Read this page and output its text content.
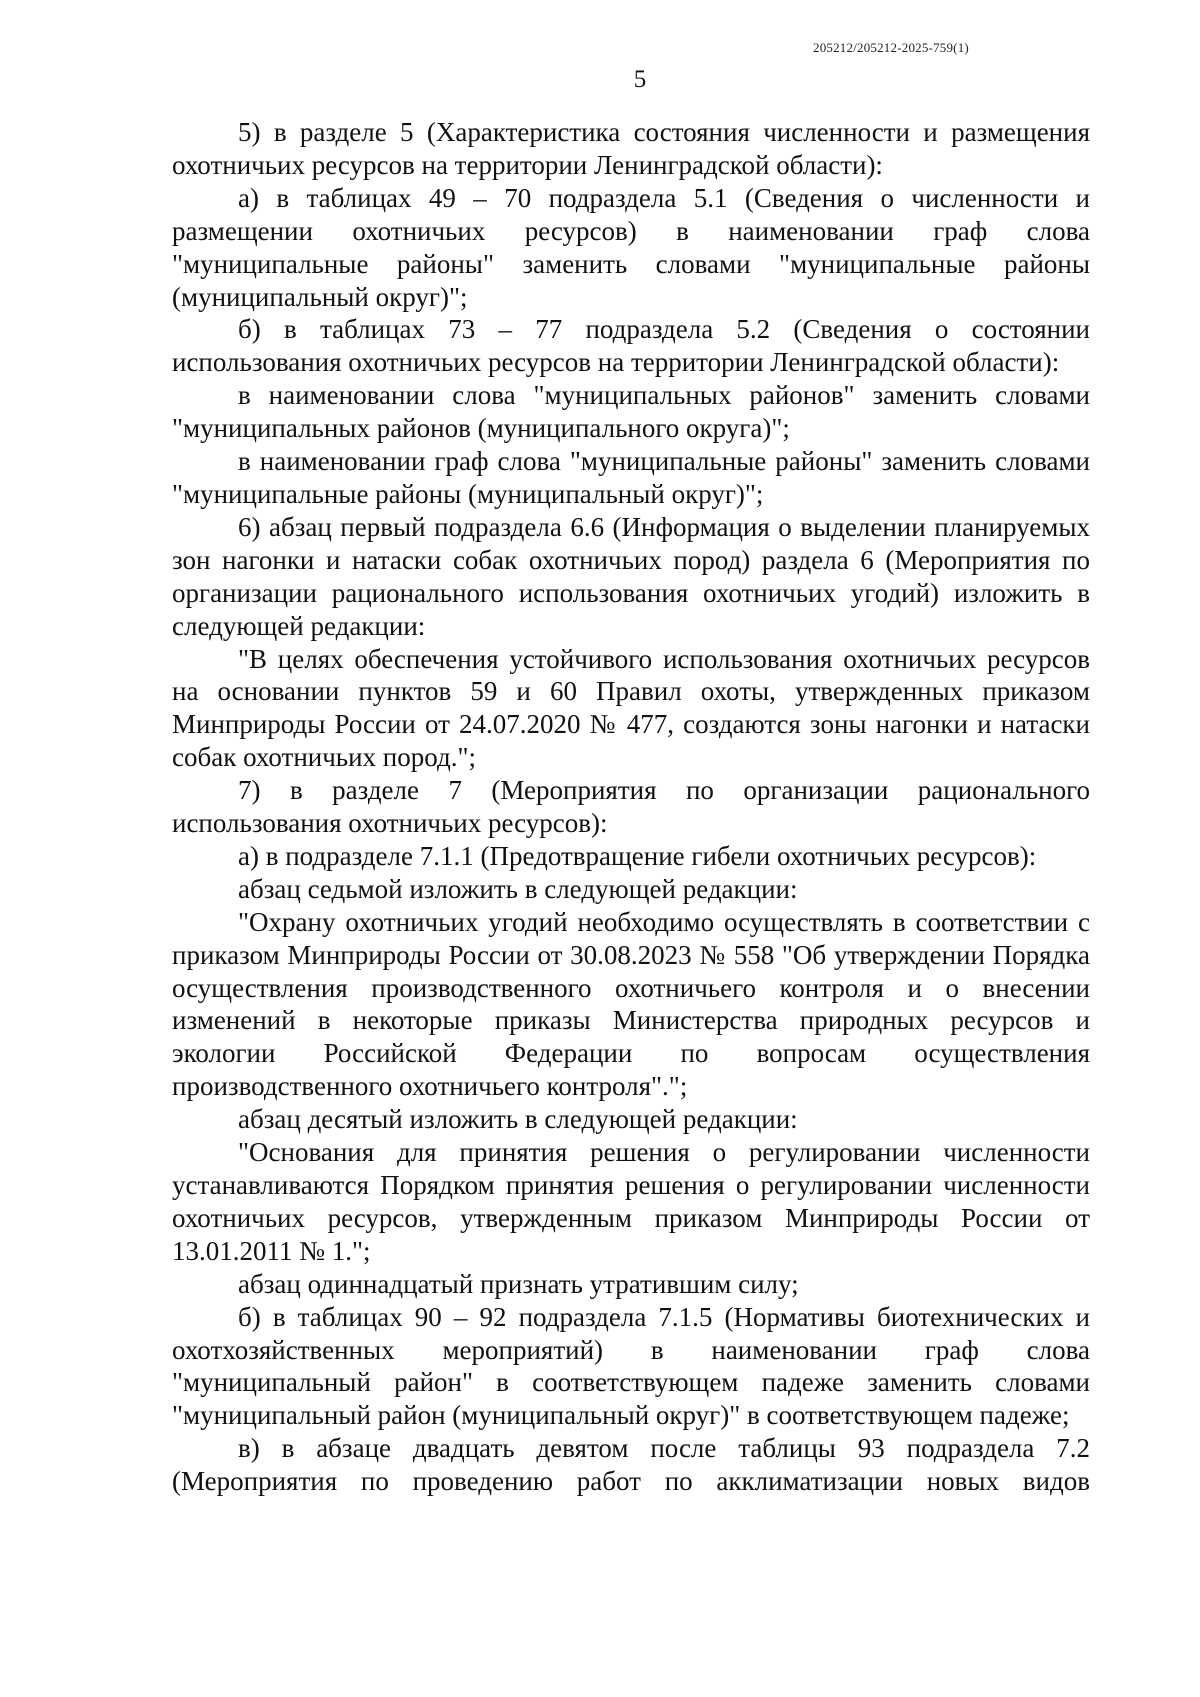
205212/205212-2025-759(1)
5

5) в разделе 5 (Характеристика состояния численности и размещения охотничьих ресурсов на территории Ленинградской области):

а) в таблицах 49 – 70 подраздела 5.1 (Сведения о численности и размещении охотничьих ресурсов) в наименовании граф слова "муниципальные районы" заменить словами "муниципальные районы (муниципальный округ)";

б) в таблицах 73 – 77 подраздела 5.2 (Сведения о состоянии использования охотничьих ресурсов на территории Ленинградской области):

в наименовании слова "муниципальных районов" заменить словами "муниципальных районов (муниципального округа)";

в наименовании граф слова "муниципальные районы" заменить словами "муниципальные районы (муниципальный округ)";

6) абзац первый подраздела 6.6 (Информация о выделении планируемых зон нагонки и натаски собак охотничьих пород) раздела 6 (Мероприятия по организации рационального использования охотничьих угодий) изложить в следующей редакции:

"В целях обеспечения устойчивого использования охотничьих ресурсов на основании пунктов 59 и 60 Правил охоты, утвержденных приказом Минприроды России от 24.07.2020 № 477, создаются зоны нагонки и натаски собак охотничьих пород.";

7) в разделе 7 (Мероприятия по организации рационального использования охотничьих ресурсов):

а) в подразделе 7.1.1 (Предотвращение гибели охотничьих ресурсов):

абзац седьмой изложить в следующей редакции:

"Охрану охотничьих угодий необходимо осуществлять в соответствии с приказом Минприроды России от 30.08.2023 № 558 "Об утверждении Порядка осуществления производственного охотничьего контроля и о внесении изменений в некоторые приказы Министерства природных ресурсов и экологии Российской Федерации по вопросам осуществления производственного охотничьего контроля".";

абзац десятый изложить в следующей редакции:

"Основания для принятия решения о регулировании численности устанавливаются Порядком принятия решения о регулировании численности охотничьих ресурсов, утвержденным приказом Минприроды России от 13.01.2011 № 1.";

абзац одиннадцатый признать утратившим силу;

б) в таблицах 90 – 92 подраздела 7.1.5 (Нормативы биотехнических и охотхозяйственных мероприятий) в наименовании граф слова "муниципальный район" в соответствующем падеже заменить словами "муниципальный район (муниципальный округ)" в соответствующем падеже;

в) в абзаце двадцать девятом после таблицы 93 подраздела 7.2 (Мероприятия по проведению работ по акклиматизации новых видов
